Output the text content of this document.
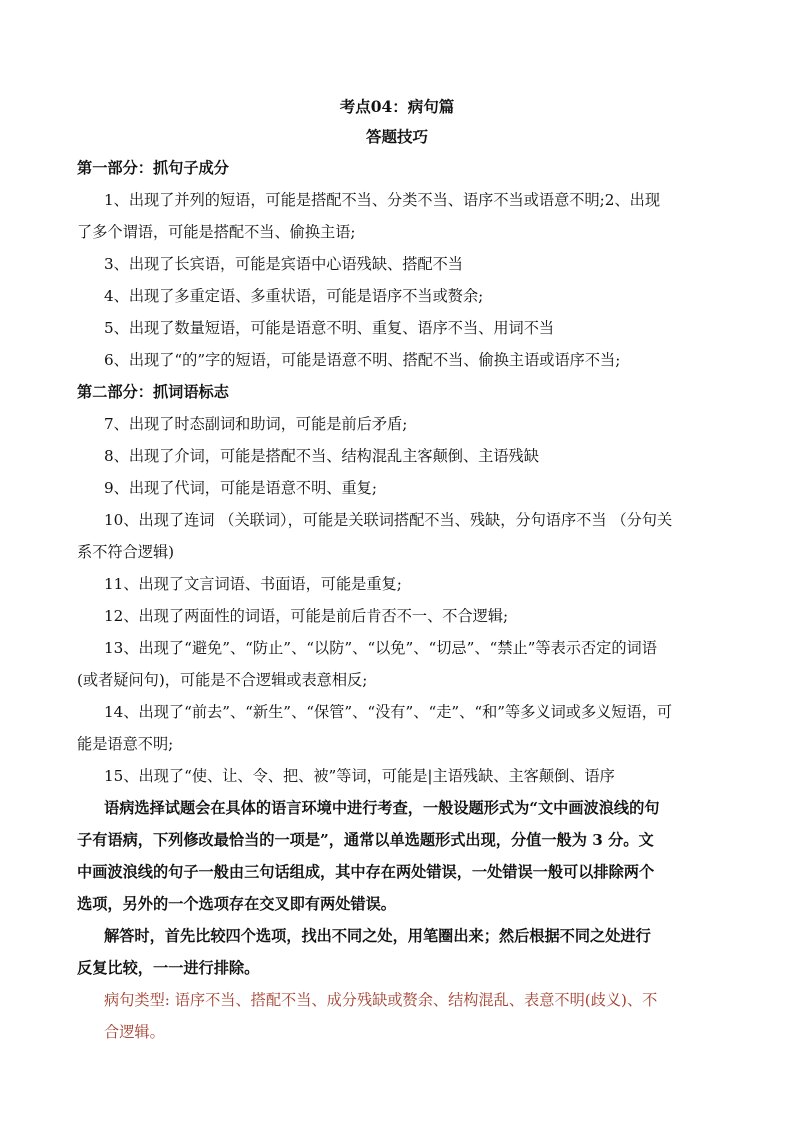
考点04：病句篇

答题技巧

第一部分：抓句子成分

1、出现了并列的短语，可能是搭配不当、分类不当、语序不当或语意不明;2、出现

了多个谓语，可能是搭配不当、偷换主语;

3、出现了长宾语，可能是宾语中心语残缺、搭配不当

4、出现了多重定语、多重状语，可能是语序不当或赘余;

5、出现了数量短语，可能是语意不明、重复、语序不当、用词不当

6、出现了“的”字的短语，可能是语意不明、搭配不当、偷换主语或语序不当;

第二部分：抓词语标志

7、出现了时态副词和助词，可能是前后矛盾;

8、出现了介词，可能是搭配不当、结构混乱主客颠倒、主语残缺

9、出现了代词，可能是语意不明、重复;

10、出现了连词 （关联词），可能是关联词搭配不当、残缺，分句语序不当 （分句关

系不符合逻辑)

11、出现了文言词语、书面语，可能是重复;

12、出现了两面性的词语，可能是前后肯否不一、不合逻辑;

13、出现了“避免”、“防止”、“以防”、“以免”、“切忌”、“禁止”等表示否定的词语

(或者疑问句)，可能是不合逻辑或表意相反;

14、出现了“前去”、“新生”、“保管”、“没有”、“走”、“和”等多义词或多义短语，可

能是语意不明;

15、出现了“使、让、令、把、被”等词，可能是|主语残缺、主客颠倒、语序

语病选择试题会在具体的语言环境中进行考查，一般设题形式为“文中画波浪线的句

子有语病，下列修改最恰当的一项是”，通常以单选题形式出现，分值一般为 3 分。文

中画波浪线的句子一般由三句话组成，其中存在两处错误，一处错误一般可以排除两个

选项，另外的一个选项存在交叉即有两处错误。

解答时，首先比较四个选项，找出不同之处，用笔圈出来；然后根据不同之处进行

反复比较，一一进行排除。

病句类型: 语序不当、搭配不当、成分残缺或赘余、结构混乱、表意不明(歧义)、不

合逻辑。
